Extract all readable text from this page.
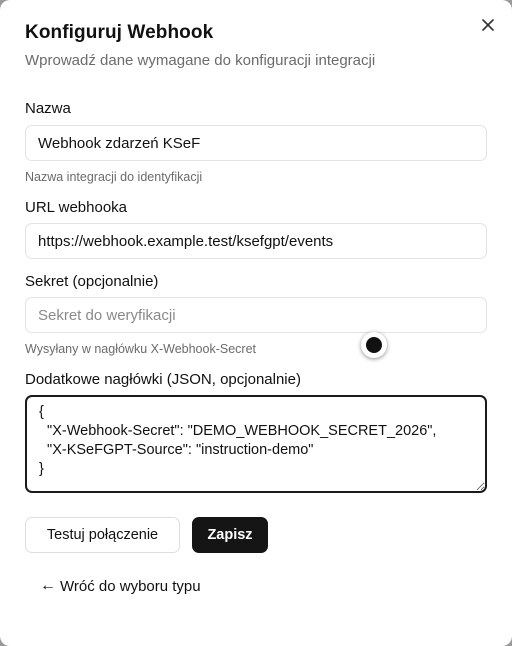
Konfiguruj Webhook
Wprowadź dane wymagane do konfiguracji integracji
Nazwa
Webhook zdarzeń KSeF
Nazwa integracji do identyfikacji
URL webhooka
https://webhook.example.test/ksefgpt/events
Sekret (opcjonalnie)
Sekret do weryfikacji
Wysyłany w nagłówku X-Webhook-Secret
Dodatkowe nagłówki (JSON, opcjonalnie)
{ "X-Webhook-Secret": "DEMO_WEBHOOK_SECRET_2026", "X-KSeFGPT-Source": "instruction-demo" }
Testuj połączenie	Zapisz
← Wróć do wyboru typu
